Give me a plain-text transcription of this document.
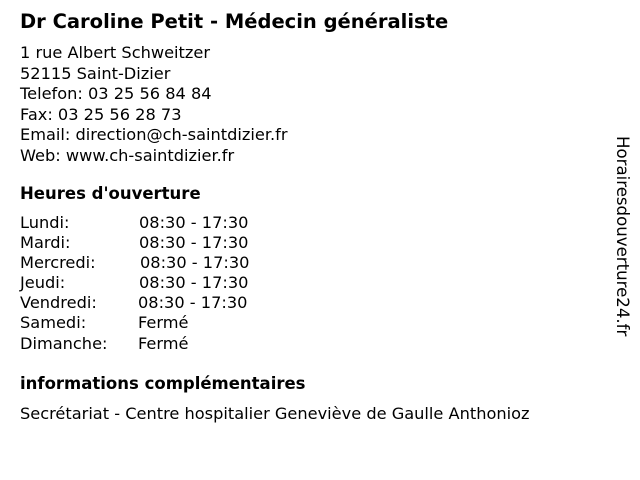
Dr Caroline Petit - Médecin généraliste
1 rue Albert Schweitzer
52115 Saint-Dizier
Telefon: 03 25 56 84 84
Fax: 03 25 56 28 73
Email: direction@ch-saintdizier.fr
Web: www.ch-saintdizier.fr
Heures d'ouverture
Lundi:	08:30 - 17:30
Mardi:	08:30 - 17:30
Mercredi:	08:30 - 17:30
Jeudi:	08:30 - 17:30
Vendredi:	08:30 - 17:30
Samedi:	Fermé
Dimanche: Fermé
informations complémentaires
Secrétariat - Centre hospitalier Geneviève de Gaulle Anthonioz
Horairesdouverture24.fr
